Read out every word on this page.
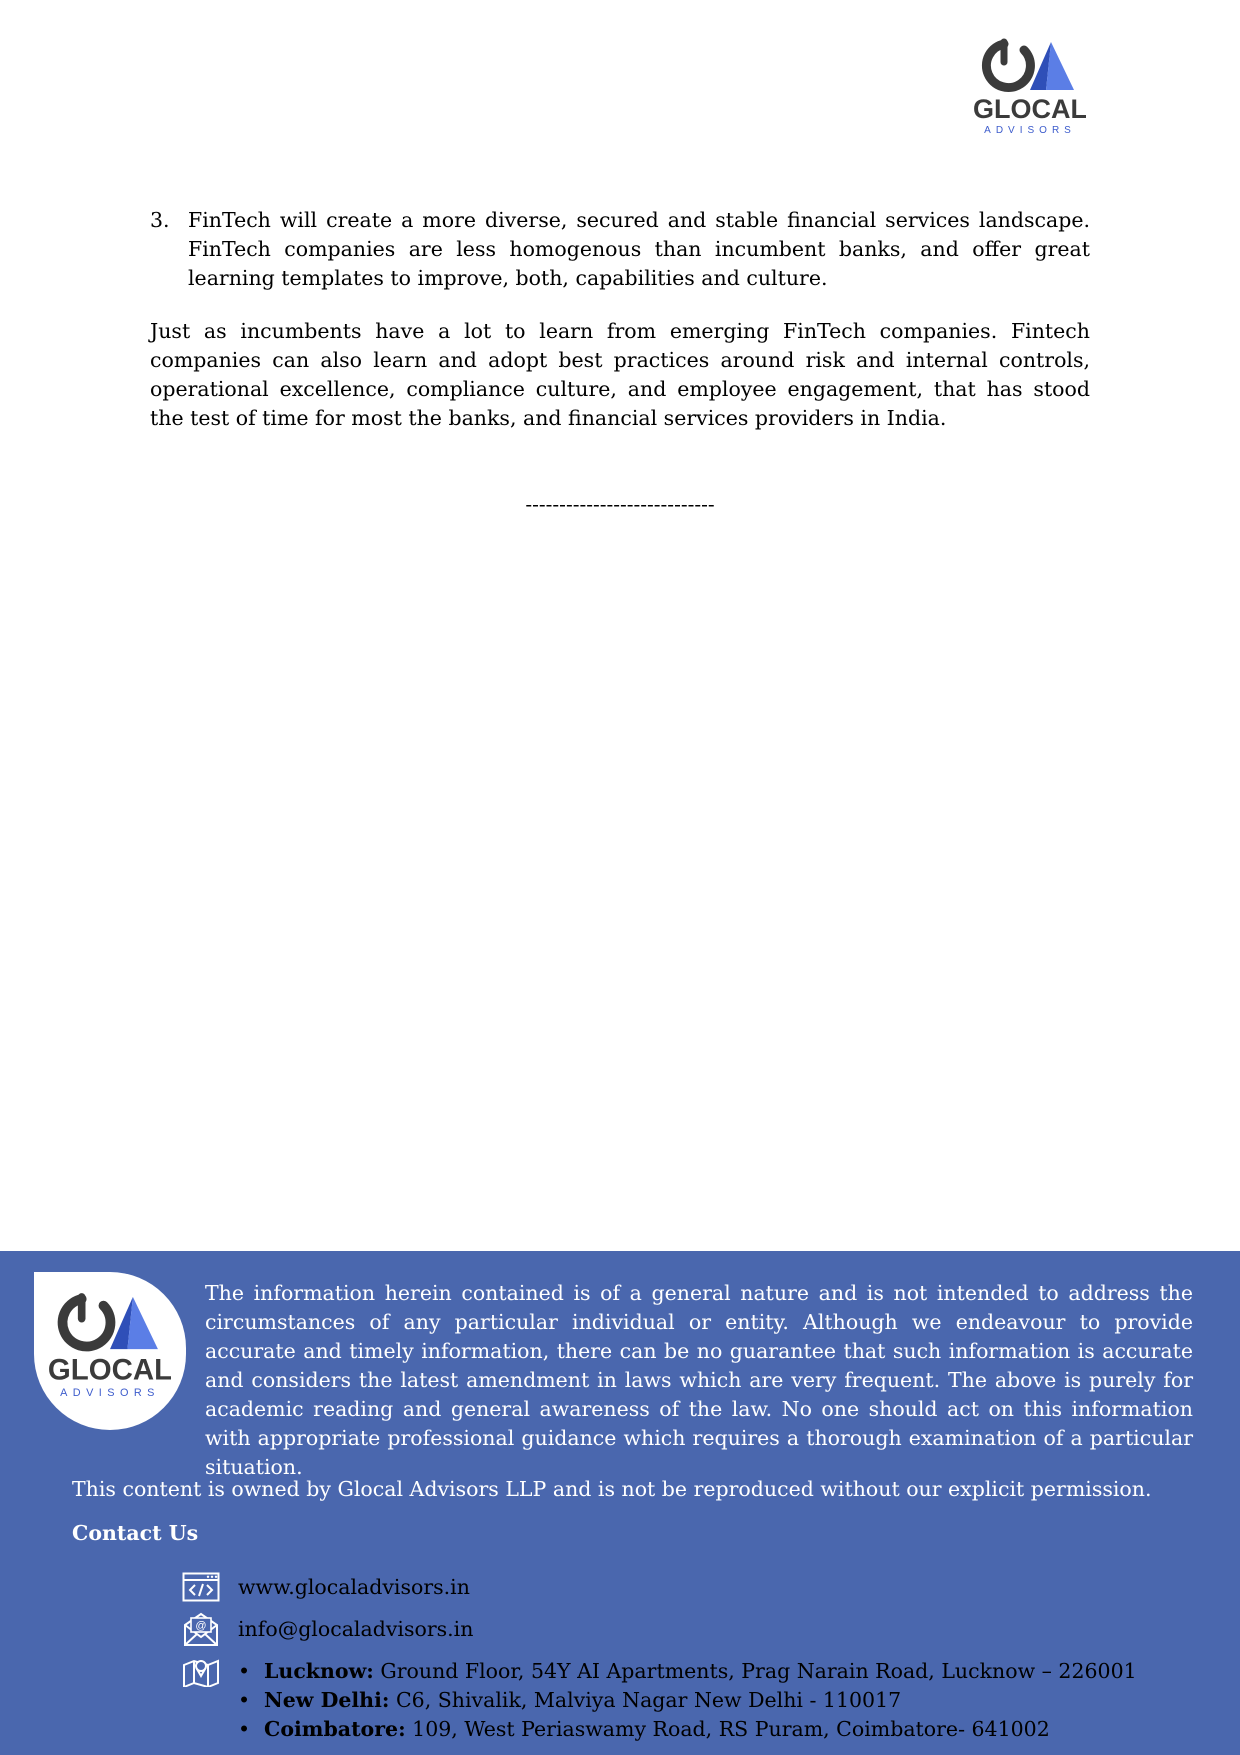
GLOCAL
ADVISORS
3. FinTech will create a more diverse, secured and stable financial services landscape. FinTech companies are less homogenous than incumbent banks, and offer great learning templates to improve, both, capabilities and culture.

Just as incumbents have a lot to learn from emerging FinTech companies. Fintech companies can also learn and adopt best practices around risk and internal controls, operational excellence, compliance culture, and employee engagement, that has stood the test of time for most the banks, and financial services providers in India.

----------------------------
GLOCAL
ADVISORS

The information herein contained is of a general nature and is not intended to address the circumstances of any particular individual or entity. Although we endeavour to provide accurate and timely information, there can be no guarantee that such information is accurate and considers the latest amendment in laws which are very frequent. The above is purely for academic reading and general awareness of the law. No one should act on this information with appropriate professional guidance which requires a thorough examination of a particular situation.

This content is owned by Glocal Advisors LLP and is not be reproduced without our explicit permission.
Contact Us
www.glocaladvisors.in
@ info@glocaladvisors.in
• Lucknow: Ground Floor, 54Y AI Apartments, Prag Narain Road, Lucknow – 226001
• New Delhi: C6, Shivalik, Malviya Nagar New Delhi - 110017
• Coimbatore: 109, West Periaswamy Road, RS Puram, Coimbatore- 641002
